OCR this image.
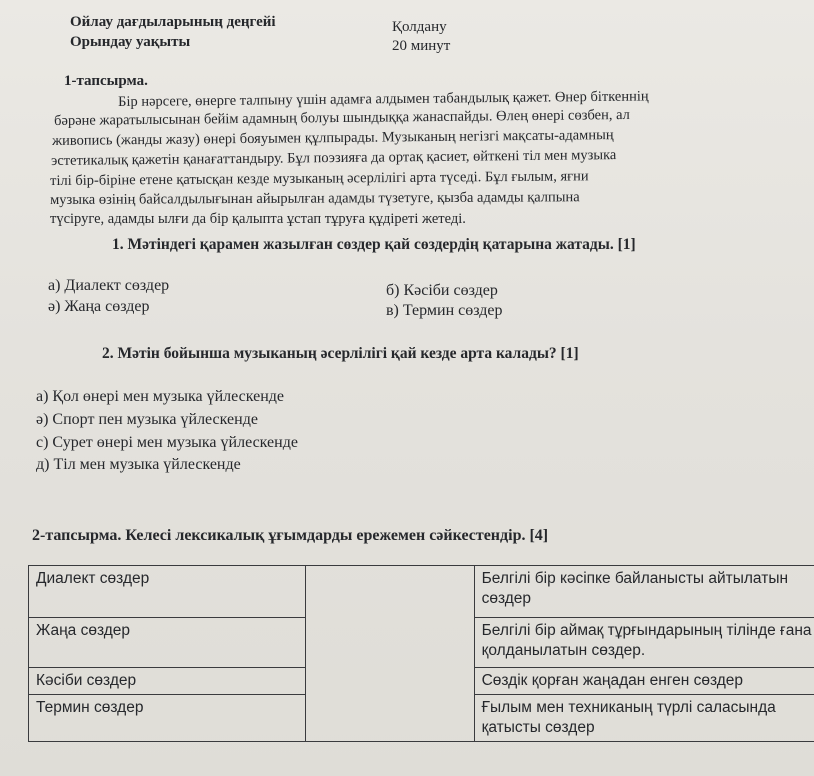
Ойлау дағдыларының деңгейі	Қолдану
Орындау уақыты	20 минут
1-тапсырма.
Бір нәрсеге, өнерге талпыну үшін адамға алдымен табандылық қажет. Өнер біткеннің
бәрәне жаратылысынан бейім адамның болуы шындыққа жанаспайды. Өлең өнері сөзбен, ал
живопись (жанды жазу) өнері бояуымен құлпырады. Музыканың негізгі мақсаты-адамның
эстетикалық қажетін қанағаттандыру. Бұл поэзияға да ортақ қасиет, өйткені тіл мен музыка
тілі бір-біріне етене қатысқан кезде музыканың әсерлілігі арта түседі. Бұл ғылым, яғни
музыка өзінің байсалдылығынан айырылған адамды түзетуге, қызба адамды қалпына
түсіруге, адамды ылғи да бір қалыпта ұстап тұруға құдіреті жетеді.
1. Мәтіндегі қарамен жазылған сөздер қай сөздердің қатарына жатады. [1]
а) Диалект сөздер	б) Кәсіби сөздер
ә) Жаңа сөздер	в) Термин сөздер
2. Мәтін бойынша музыканың әсерлілігі қай кезде арта калады? [1]
а) Қол өнері мен музыка үйлескенде
ә) Спорт пен музыка үйлескенде
с) Сурет өнері мен музыка үйлескенде
д) Тіл мен музыка үйлескенде
2-тапсырма. Келесі лексикалық ұғымдарды ережемен сәйкестендір. [4]
Диалект сөздер		Белгілі бір кәсіпке байланысты айтылатын сөздер
Жаңа сөздер		Белгілі бір аймақ тұрғындарының тілінде ғана қолданылатын сөздер.
Кәсіби сөздер		Сөздік қорған жаңадан енген сөздер
Термин сөздер		Ғылым мен техниканың түрлі саласында қатысты сөздер
